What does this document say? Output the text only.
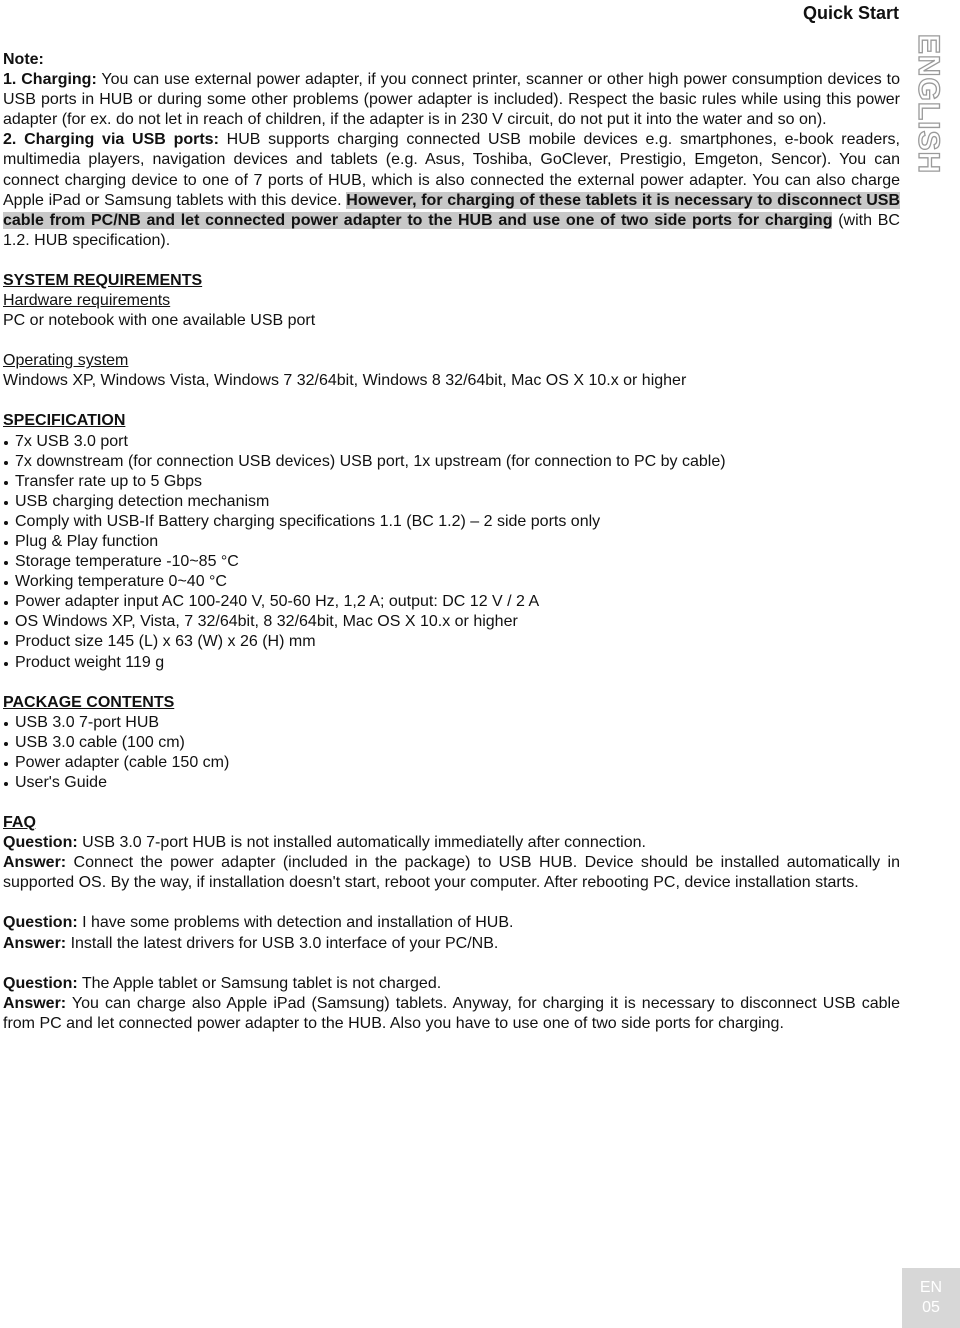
Quick Start
ENGLISH

Note:

1. Charging: You can use external power adapter, if you connect printer, scanner or other high power consumption devices to USB ports in HUB or during some other problems (power adapter is included). Respect the basic rules while using this power adapter (for ex. do not let in reach of children, if the adapter is in 230 V circuit, do not put it into the water and so on).

2. Charging via USB ports: HUB supports charging connected USB mobile devices e.g. smartphones, e-book readers, multimedia players, navigation devices and tablets (e.g. Asus, Toshiba, GoClever, Prestigio, Emgeton, Sencor). You can connect charging device to one of 7 ports of HUB, which is also connected the external power adapter. You can also charge Apple iPad or Samsung tablets with this device. However, for charging of these tablets it is necessary to disconnect USB cable from PC/NB and let connected power adapter to the HUB and use one of two side ports for charging (with BC 1.2. HUB specification).

SYSTEM REQUIREMENTS

Hardware requirements

PC or notebook with one available USB port

Operating system

Windows XP, Windows Vista, Windows 7 32/64bit, Windows 8 32/64bit, Mac OS X 10.x or higher

SPECIFICATION

7x USB 3.0 port
7x downstream (for connection USB devices) USB port, 1x upstream (for connection to PC by cable)
Transfer rate up to 5 Gbps
USB charging detection mechanism
Comply with USB-If Battery charging specifications 1.1 (BC 1.2) – 2 side ports only
Plug & Play function
Storage temperature -10~85 °C
Working temperature 0~40 °C
Power adapter input AC 100-240 V, 50-60 Hz, 1,2 A; output: DC 12 V / 2 A
OS Windows XP, Vista, 7 32/64bit, 8 32/64bit, Mac OS X 10.x or higher
Product size 145 (L) x 63 (W) x 26 (H) mm
Product weight 119 g

PACKAGE CONTENTS

USB 3.0 7-port HUB
USB 3.0 cable (100 cm)
Power adapter (cable 150 cm)
User's Guide

FAQ

Question: USB 3.0 7-port HUB is not installed automatically immediatelly after connection.

Answer: Connect the power adapter (included in the package) to USB HUB. Device should be installed automatically in supported OS. By the way, if installation doesn't start, reboot your computer. After rebooting PC, device installation starts.

Question: I have some problems with detection and installation of HUB.

Answer: Install the latest drivers for USB 3.0 interface of your PC/NB.

Question: The Apple tablet or Samsung tablet is not charged.

Answer: You can charge also Apple iPad (Samsung) tablets. Anyway, for charging it is necessary to disconnect USB cable from PC and let connected power adapter to the HUB. Also you have to use one of two side ports for charging.

EN
05
